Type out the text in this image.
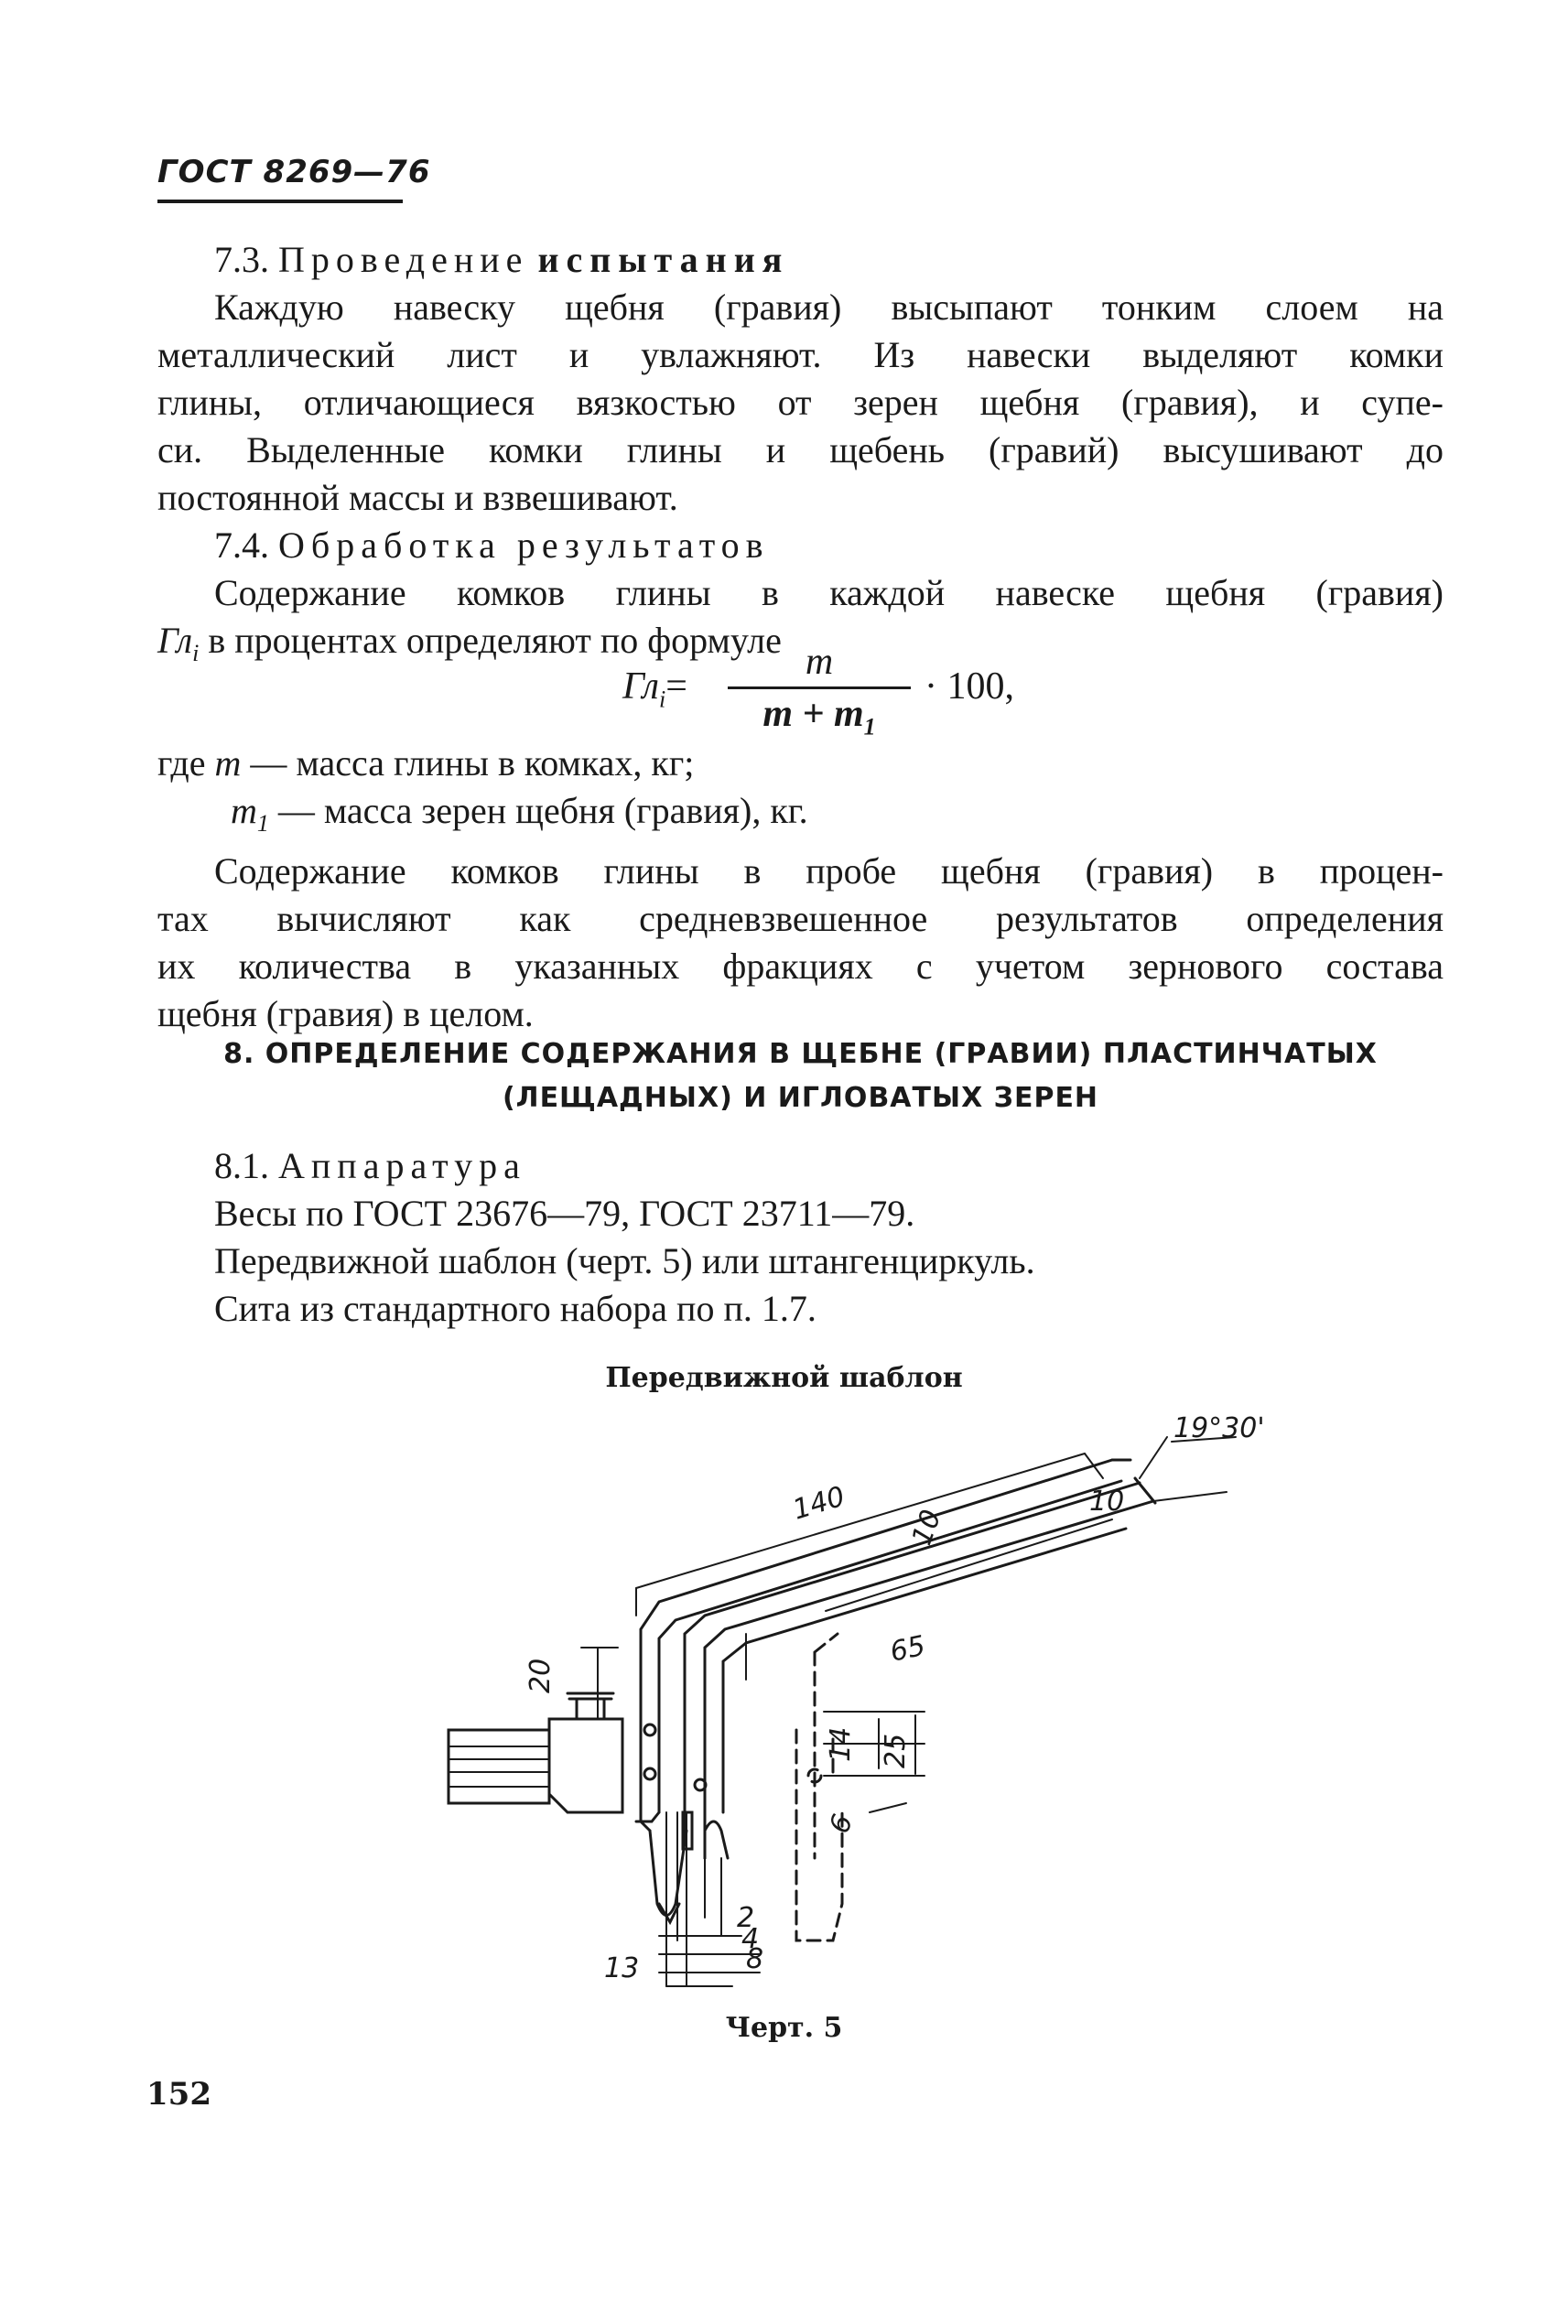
ГОСТ 8269—76

7.3. Проведение испытания

Каждую навеску щебня (гравия) высыпают тонким слоем на

металлический лист и увлажняют. Из навески выделяют комки

глины, отличающиеся вязкостью от зерен щебня (гравия), и супе-

си. Выделенные комки глины и щебень (гравий) высушивают до

постоянной массы и взвешивают.

7.4. Обработка результатов

Содержание комков глины в каждой навеске щебня (гравия)

$Гл_i$ в процентах определяют по формуле

$Гл_i=$
m
$m + m_1$
· 100,

где m — масса глины в комках, кг;

$m_1$ — масса зерен щебня (гравия), кг.

Содержание комков глины в пробе щебня (гравия) в процен-

тах вычисляют как средневзвешенное результатов определения

их количества в указанных фракциях с учетом зернового состава

щебня (гравия) в целом.

8. ОПРЕДЕЛЕНИЕ СОДЕРЖАНИЯ В ЩЕБНЕ (ГРАВИИ) ПЛАСТИНЧАТЫХ
(ЛЕЩАДНЫХ) И ИГЛОВАТЫХ ЗЕРЕН

8.1. Аппаратура

Весы по ГОСТ 23676—79, ГОСТ 23711—79.

Передвижной шаблон (черт. 5) или штангенциркуль.

Сита из стандартного набора по п. 1.7.

Передвижной шаблон
140
10
10
19°30'
20
65
14 25
6
2
4
8
13
Черт. 5
152
